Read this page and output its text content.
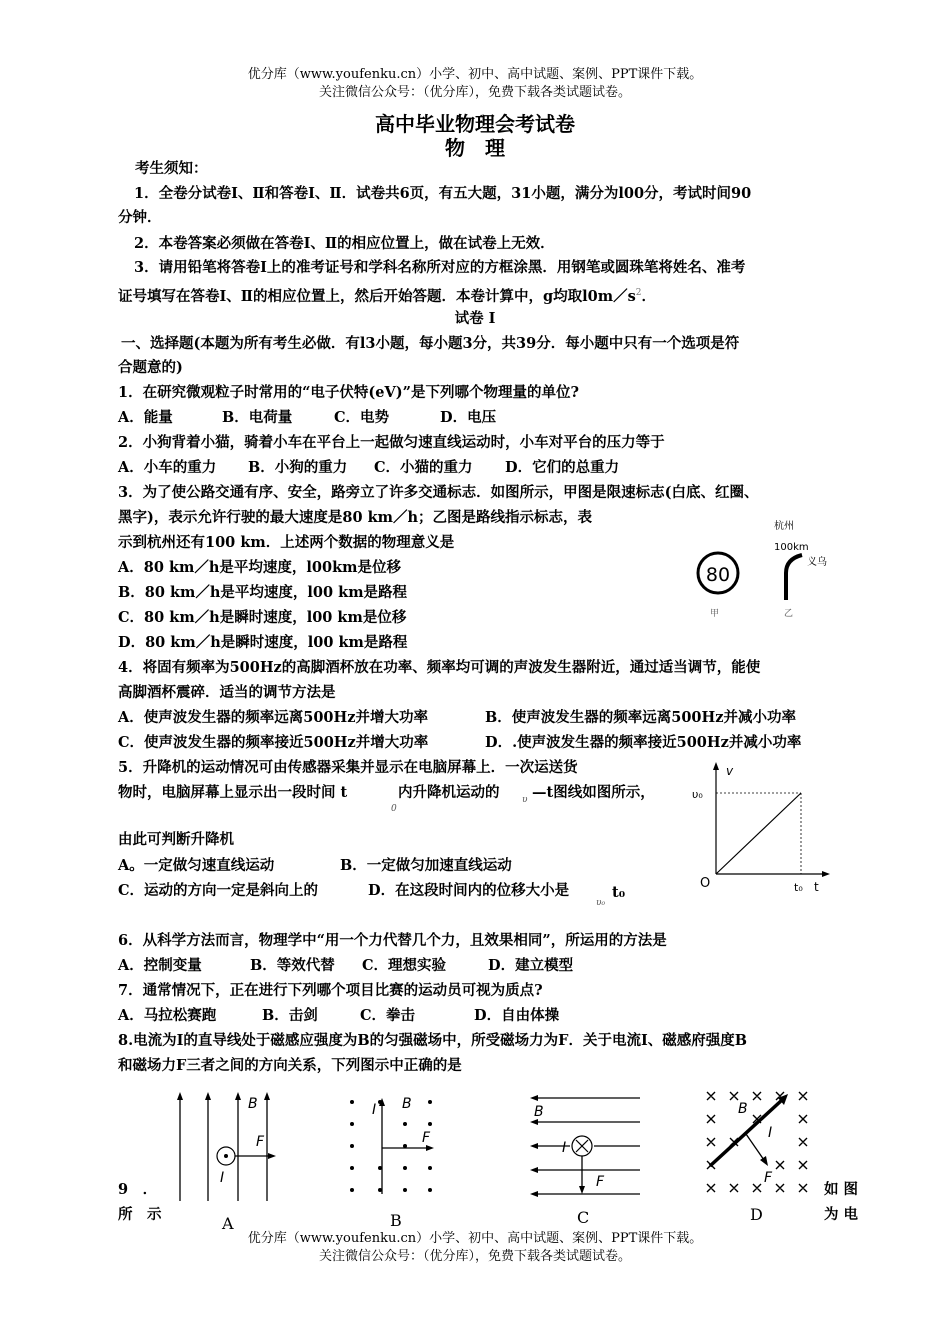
优分库（www.youfenku.cn）小学、初中、高中试题、案例、PPT课件下载。
关注微信公众号：（优分库），免费下载各类试题试卷。
高中毕业物理会考试卷
物　理
考生须知：
1．全卷分试卷Ⅰ、Ⅱ和答卷Ⅰ、Ⅱ．试卷共6页，有五大题，31小题，满分为l00分，考试时间90
分钟．
2．本卷答案必须做在答卷Ⅰ、Ⅱ的相应位置上，做在试卷上无效．
3．请用铅笔将答卷Ⅰ上的准考证号和学科名称所对应的方框涂黑．用钢笔或圆珠笔将姓名、准考
证号填写在答卷Ⅰ、Ⅱ的相应位置上，然后开始答题．本卷计算中，g均取$l0m/s^2$．
试卷 I
一、选择题(本题为所有考生必做．有l3小题，每小题3分，共39分．每小题中只有一个选项是符
合题意的)
1．在研究微观粒子时常用的“电子伏特(eV)”是下列哪个物理量的单位?
A．能量	B．电荷量	C．电势	D．电压
2．小狗背着小猫，骑着小车在平台上一起做匀速直线运动时，小车对平台的压力等于
A．小车的重力 B．小狗的重力 C．小猫的重力 D．它们的总重力
3．为了使公路交通有序、安全，路旁立了许多交通标志．如图所示，甲图是限速标志(白底、红圈、
黑字)，表示允许行驶的最大速度是80 km／h；乙图是路线指示标志，表
示到杭州还有100 km．上述两个数据的物理意义是
A．80 km／h是平均速度，l00km是位移
B．80 km／h是平均速度，l00 km是路程
C．80 km／h是瞬时速度，l00 km是位移
D．80 km／h是瞬时速度，l00 km是路程
80
甲
杭州
100km
义乌
乙
4．将固有频率为500Hz的高脚酒杯放在功率、频率均可调的声波发生器附近，通过适当调节，能使
高脚酒杯震碎．适当的调节方法是
A．使声波发生器的频率远离500Hz并增大功率	B．使声波发生器的频率远离500Hz并减小功率
C．使声波发生器的频率接近500Hz并增大功率	D．.使声波发生器的频率接近500Hz并减小功率
5．升降机的运动情况可由传感器采集并显示在电脑屏幕上．一次运送货
物时，电脑屏幕上显示出一段时间 t	内升降机运动的 —t图线如图所示，
0
υ
由此可判断升降机
A。一定做匀速直线运动	B．一定做匀加速直线运动
C．运动的方向一定是斜向上的	D．在这段时间内的位移大小是	t₀
υ₀
v
υ₀
O	t₀ t
6．从科学方法而言，物理学中“用一个力代替几个力，且效果相同”，所运用的方法是
A．控制变量	B．等效代替 C．理想实验	D．建立模型
7．通常情况下，正在进行下列哪个项目比赛的运动员可视为质点?
A．马拉松赛跑	B．击剑	C．拳击	D．自由体操
8.电流为I的直导线处于磁感应强度为B的匀强磁场中，所受磁场力为F．关于电流I、磁感府强度B
和磁场力F三者之间的方向关系，下列图示中正确的是
B
F
I
I B
F
B
I
F
B
I
F
A	B	C	D
9　．
所　示
如 图
为 电
优分库（www.youfenku.cn）小学、初中、高中试题、案例、PPT课件下载。
关注微信公众号：（优分库），免费下载各类试题试卷。
